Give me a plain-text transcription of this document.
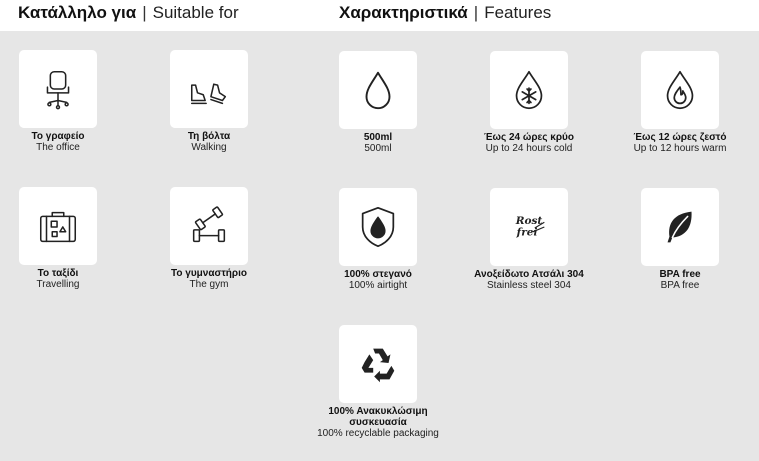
Κατάλληλο για | Suitable for	Χαρακτηριστικά | Features
Το γραφείο
The office
Τη βόλτα
Walking
Το ταξίδι
Travelling
Το γυμναστήριο
The gym
500ml
500ml
Έως 24 ώρες κρύο
Up to 24 hours cold
Έως 12 ώρες ζεστό
Up to 12 hours warm
100% στεγανό
100% airtight
Rost
frei
Ανοξείδωτο Ατσάλι 304
Stainless steel 304
BPA free
BPA free
100% Ανακυκλώσιμη συσκευασία
100% recyclable packaging
